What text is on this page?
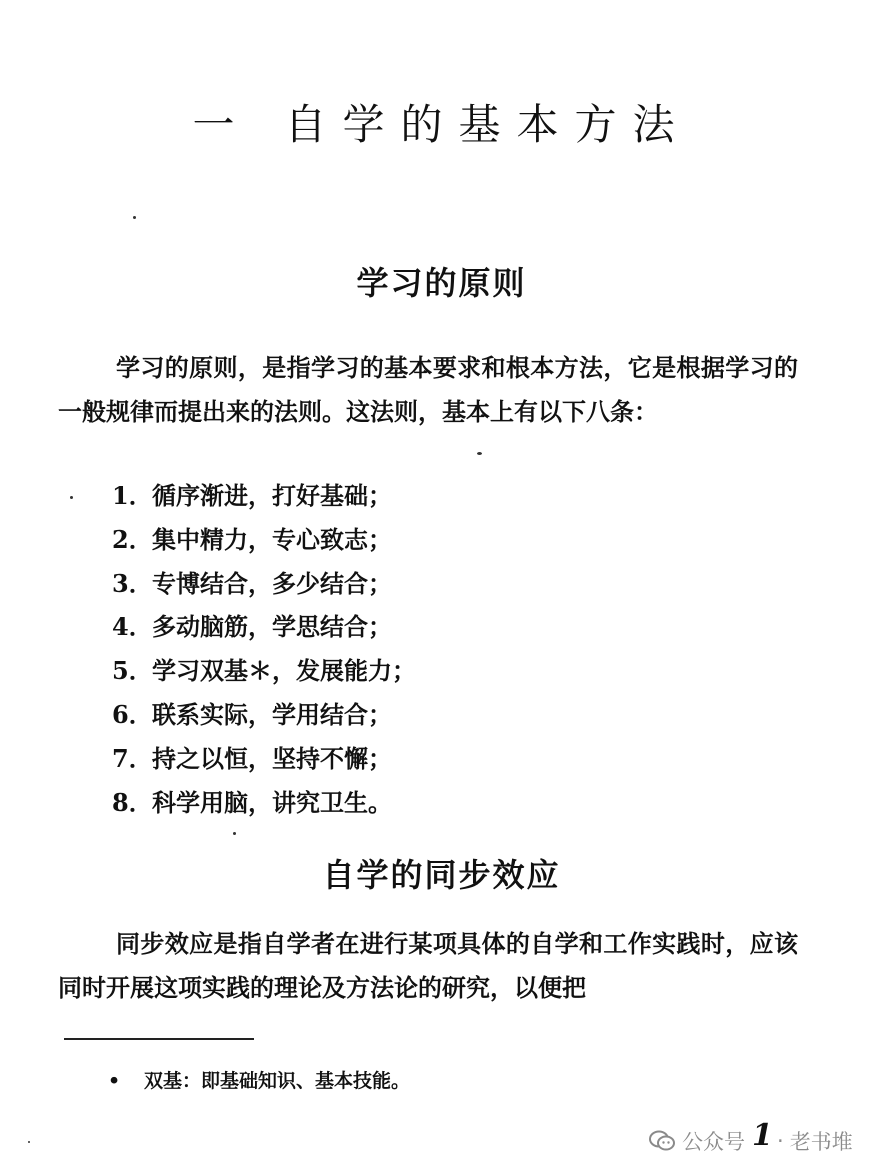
一 自学的基本方法
学习的原则
学习的原则，是指学习的基本要求和根本方法，它是根据学习的一般规律而提出来的法则。这法则，基本上有以下八条：
1．循序渐进，打好基础；
2．集中精力，专心致志；
3．专博结合，多少结合；
4．多动脑筋，学思结合；
5．学习双基＊，发展能力；
6．联系实际，学用结合；
7．持之以恒，坚持不懈；
8．科学用脑，讲究卫生。
自学的同步效应
同步效应是指自学者在进行某项具体的自学和工作实践时，应该同时开展这项实践的理论及方法论的研究，以便把
• 双基：即基础知识、基本技能。
公众号 · 老书堆
1
